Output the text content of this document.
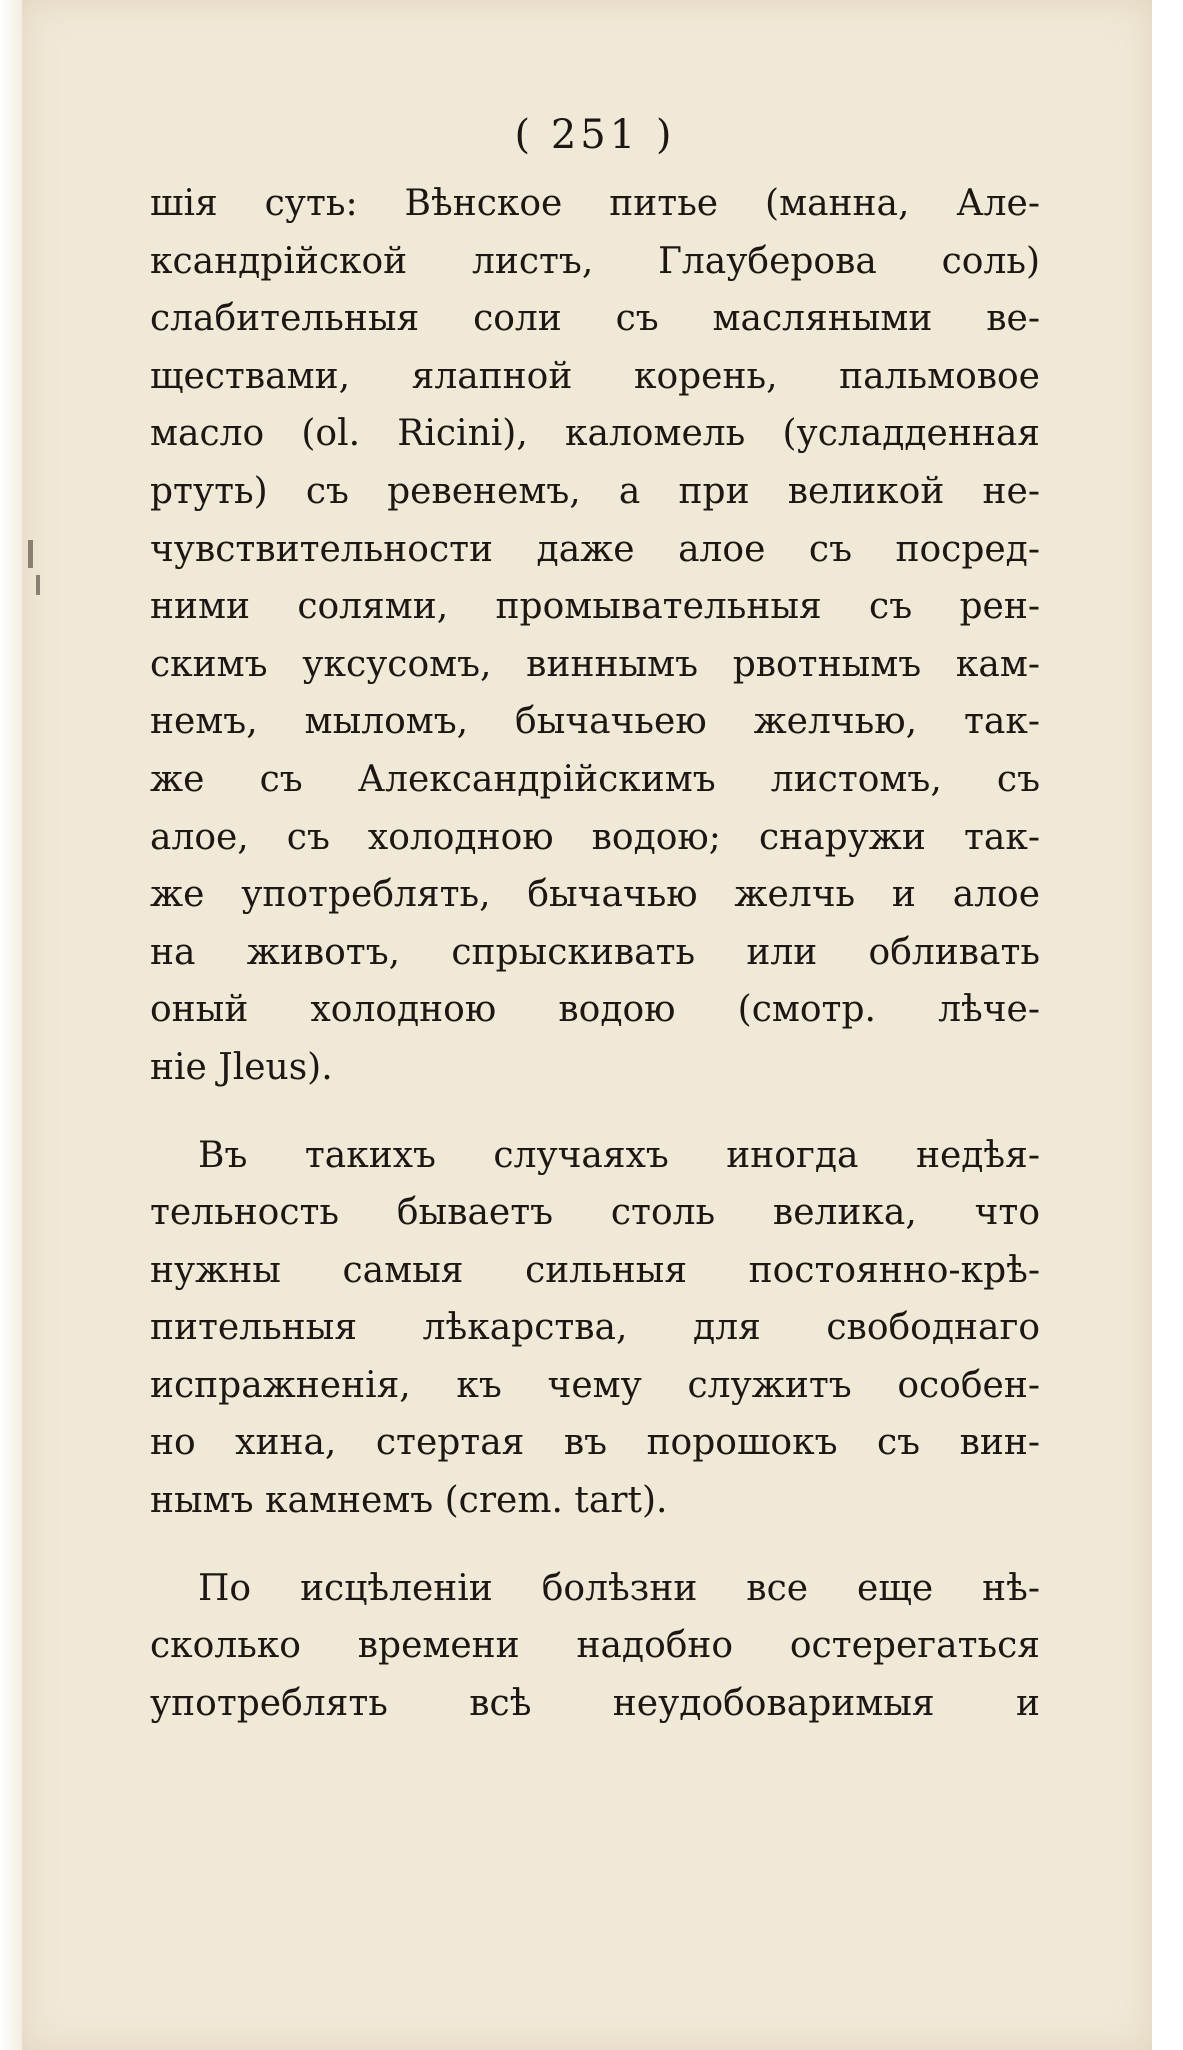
( 251 )
шія суть: Вѣнское питье (манна, Але-
ксандрійской листъ, Глауберова соль)
слабительныя соли съ масляными ве-
ществами, ялапной корень, пальмовое
масло (ol. Ricini), каломель (усладденная
ртуть) съ ревенемъ, а при великой не-
чувствительности даже алое съ посред-
ними солями, промывательныя съ рен-
скимъ уксусомъ, виннымъ рвотнымъ кам-
немъ, мыломъ, бычачьею желчью, так-
же съ Александрійскимъ листомъ, съ
алое, съ холодною водою; снаружи так-
же употреблять, бычачью желчь и алое
на животъ, спрыскивать или обливать
оный холодною водою (смотр. лѣче-
ніе Jleus).
Въ такихъ случаяхъ иногда недѣя-
тельность бываетъ столь велика, что
нужны самыя сильныя постоянно-крѣ-
пительныя лѣкарства, для свободнаго
испражненія, къ чему служитъ особен-
но хина, стертая въ порошокъ съ вин-
нымъ камнемъ (crem. tart).
По исцѣленіи болѣзни все еще нѣ-
сколько времени надобно остерегаться
употреблять всѣ неудобоваримыя и
